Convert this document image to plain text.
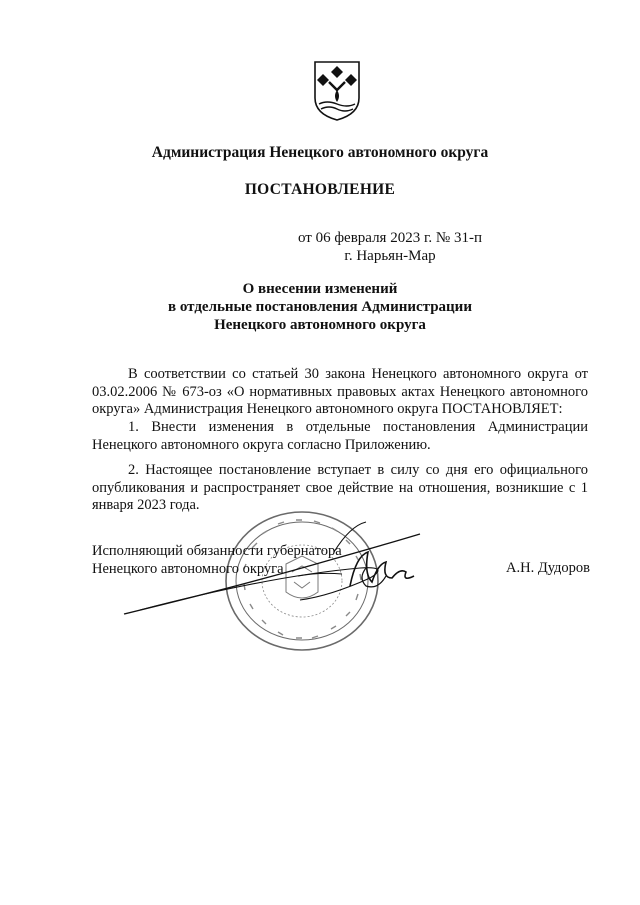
Администрация Ненецкого автономного округа
ПОСТАНОВЛЕНИЕ
от 06 февраля 2023 г. № 31-п
г. Нарьян-Мар
О внесении изменений
в отдельные постановления Администрации
Ненецкого автономного округа
В соответствии со статьей 30 закона Ненецкого автономного округа от 03.02.2006 № 673-оз «О нормативных правовых актах Ненецкого автономного округа» Администрация Ненецкого автономного округа ПОСТАНОВЛЯЕТ:
1. Внести изменения в отдельные постановления Администрации Ненецкого автономного округа согласно Приложению.
2. Настоящее постановление вступает в силу со дня его официального опубликования и распространяет свое действие на отношения, возникшие с 1 января 2023 года.
Исполняющий обязанности губернатора
Ненецкого автономного округа	А.Н. Дудоров
